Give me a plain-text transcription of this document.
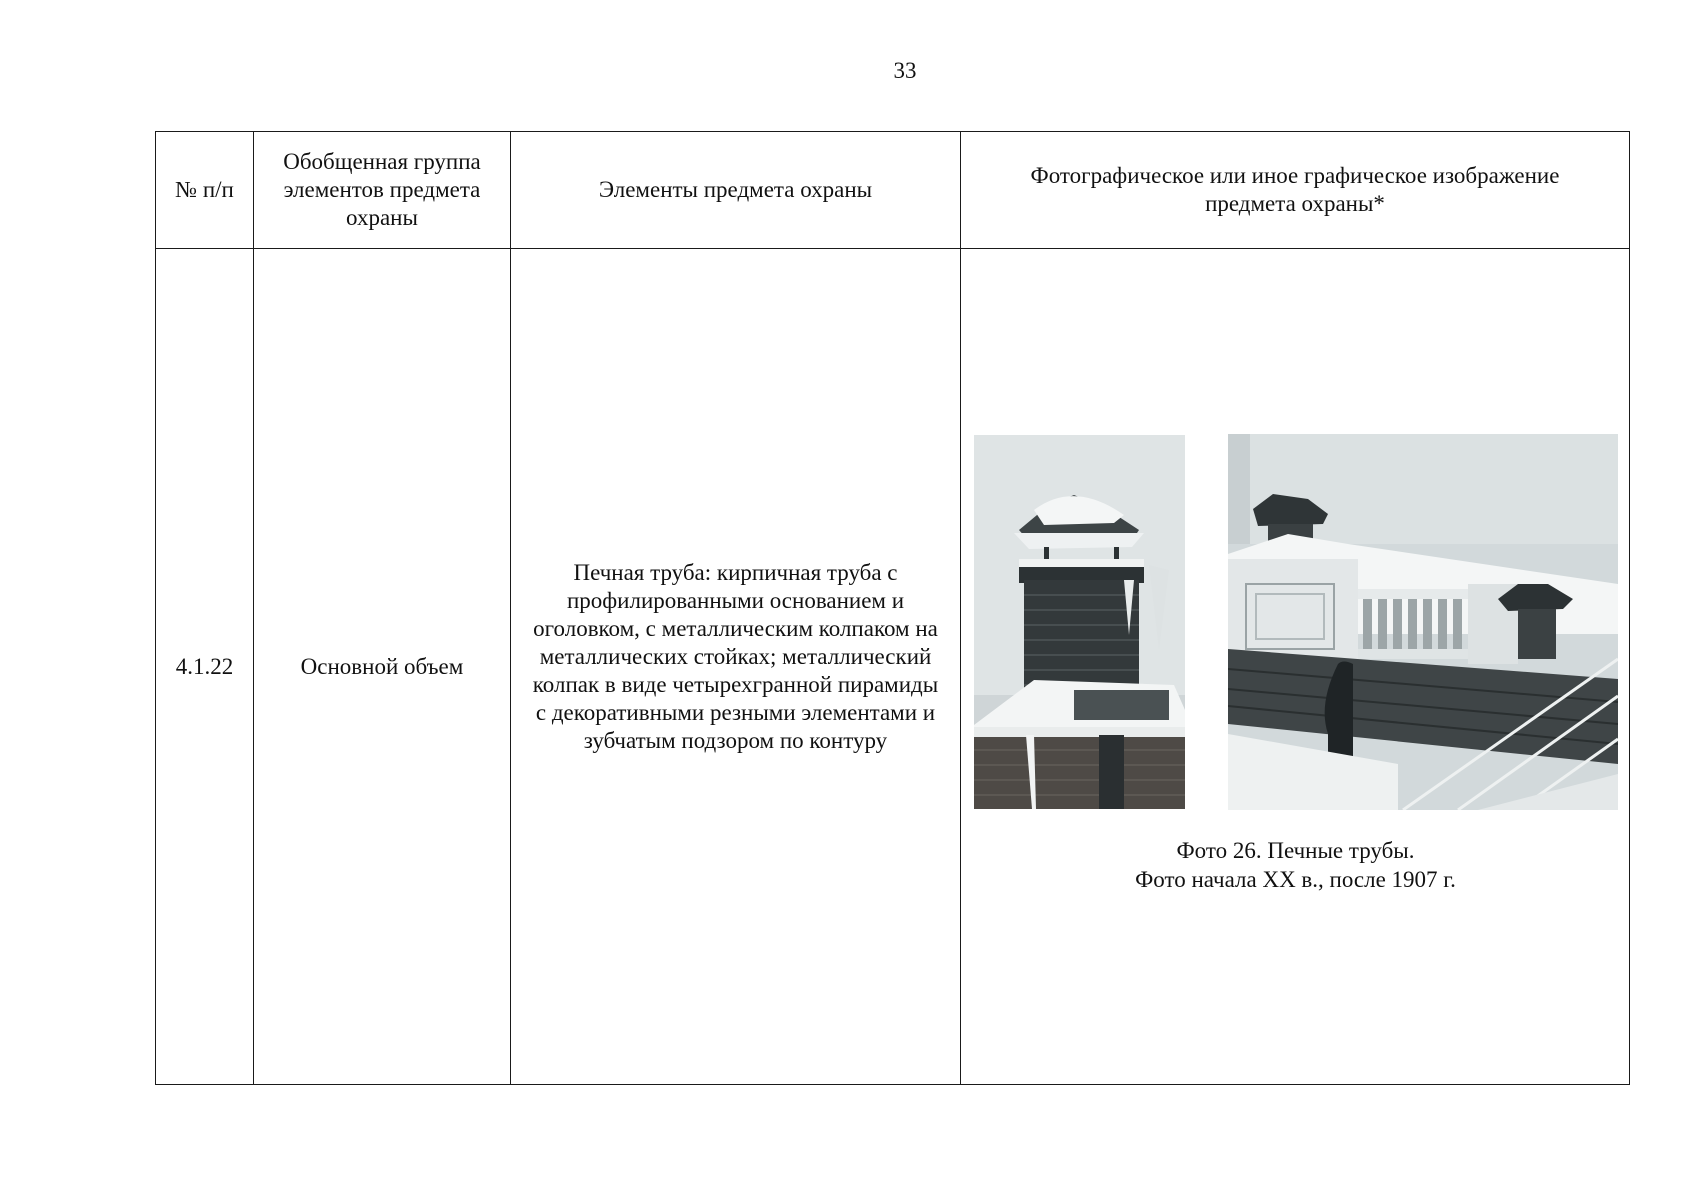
33
№ п/п	Обобщенная группа элементов предмета охраны	Элементы предмета охраны	Фотографическое или иное графическое изображение предмета охраны*

4.1.22	Основной объем	Печная труба: кирпичная труба с профилированными основанием и оголовком, с металлическим колпаком на металлических стойках; металлический колпак в виде четырехгранной пирамиды с декоративными резными элементами и зубчатым подзором по контуру	Фото 26. Печные трубы.
Фото начала XX в., после 1907 г.
